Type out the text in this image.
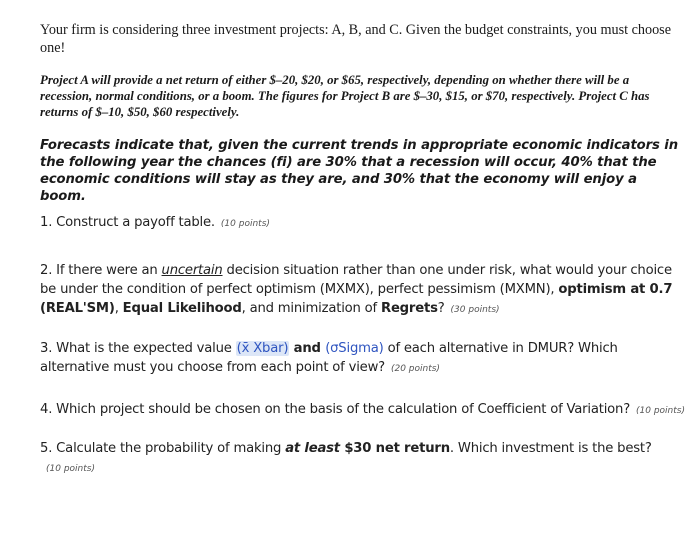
Your firm is considering three investment projects: A, B, and C. Given the budget constraints, you must choose one!

Project A will provide a net return of either $–20, $20, or $65, respectively, depending on whether there will be a recession, normal conditions, or a boom. The figures for Project B are $–30, $15, or $70, respectively. Project C has returns of $–10, $50, $60 respectively.

Forecasts indicate that, given the current trends in appropriate economic indicators in the following year the chances (fi) are 30% that a recession will occur, 40% that the economic conditions will stay as they are, and 30% that the economy will enjoy a boom.

1. Construct a payoff table. (10 points)

2. If there were an uncertain decision situation rather than one under risk, what would your choice be under the condition of perfect optimism (MXMX), perfect pessimism (MXMN), optimism at 0.7 (REAL'SM), Equal Likelihood, and minimization of Regrets? (30 points)

3. What is the expected value (x̄ Xbar) and (σSigma) of each alternative in DMUR? Which alternative must you choose from each point of view? (20 points)

4. Which project should be chosen on the basis of the calculation of Coefficient of Variation? (10 points)

5. Calculate the probability of making at least $30 net return. Which investment is the best?(10 points)
